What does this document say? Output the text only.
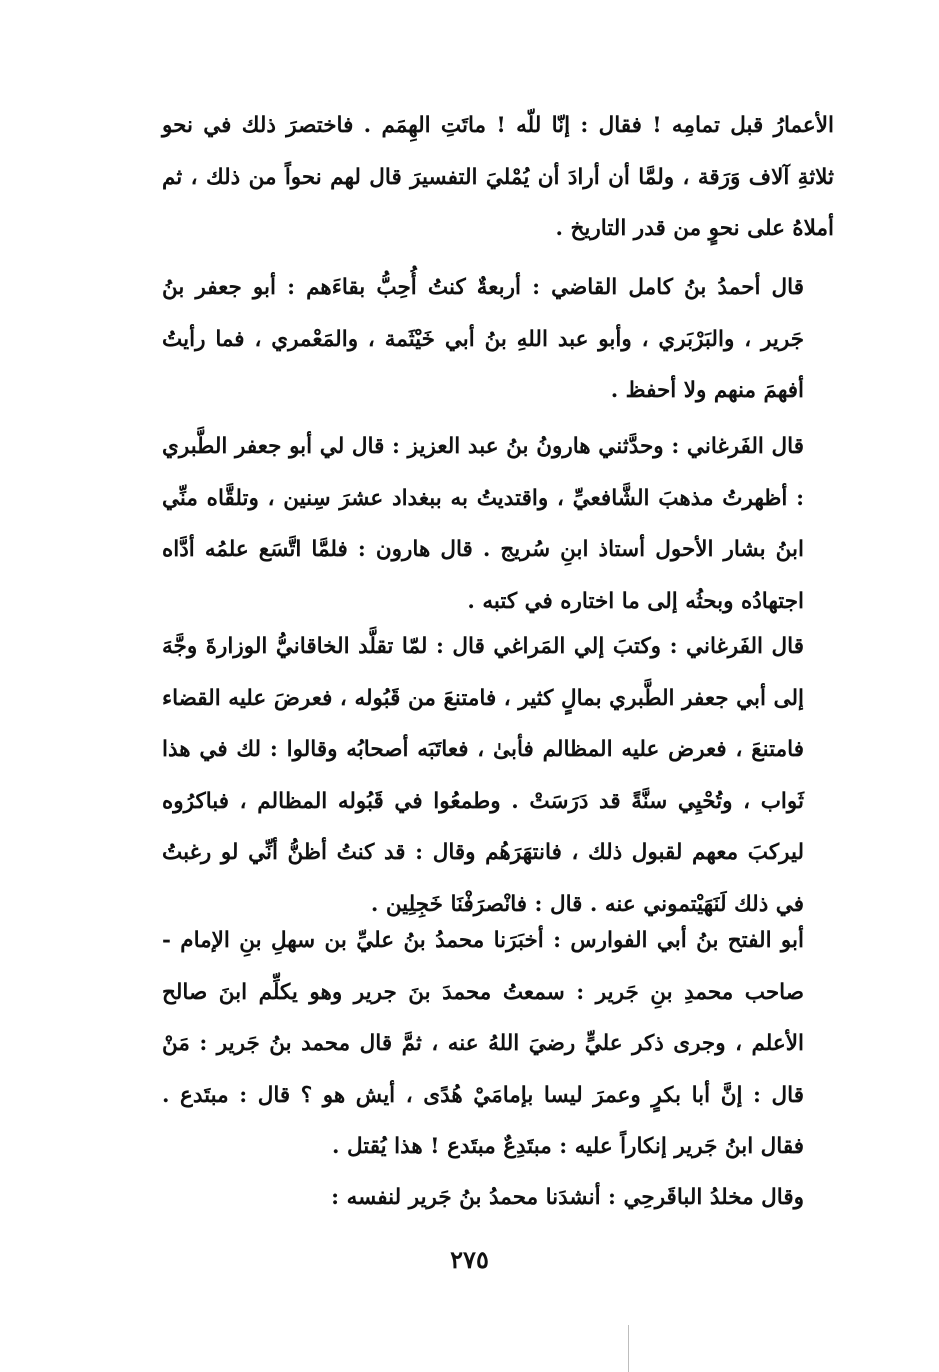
الأعمارُ قبل تمامِه ! فقال : إنّا للّه ! ماتَتِ الهِمَم . فاختصرَ ذلك في نحو ثلاثةِ آلاف وَرَقة ، ولمَّا أن أرادَ أن يُمْليَ التفسيرَ قال لهم نحواً من ذلك ، ثم أملاهُ على نحوٍ من قدر التاريخ .

قال أحمدُ بنُ كامل القاضي : أربعةٌ كنتُ أُحِبُّ بقاءَهم : أبو جعفر بنُ جَرير ، والبَرْبَري ، وأبو عبد اللهِ بنُ أبي خَيْثَمة ، والمَعْمري ، فما رأيتُ أفهمَ منهم ولا أحفظ .

قال الفَرغاني : وحدَّثني هارونُ بنُ عبد العزيز : قال لي أبو جعفر الطَّبري : أظهرتُ مذهبَ الشَّافعيِّ ، واقتديتُ به ببغداد عشرَ سِنين ، وتلقَّاه منِّي ابنُ بشار الأحول أستاذ ابنِ سُريج . قال هارون : فلمَّا اتَّسَع علمُه أدَّاه اجتهادُه وبحثُه إلى ما اختاره في كتبه .

قال الفَرغاني : وكتبَ إلي المَراغي قال : لمّا تقلَّد الخاقانيُّ الوزارةَ وجَّهَ إلى أبي جعفر الطَّبري بمالٍ كثير ، فامتنعَ من قَبُوله ، فعرضَ عليه القضاء فامتنعَ ، فعرض عليه المظالم فأبىٰ ، فعاتَبَه أصحابُه وقالوا : لك في هذا ثَواب ، وتُحْيِي سنَّةً قد دَرَسَتْ . وطمعُوا في قَبُوله المظالم ، فباكرُوه ليركبَ معهم لقبول ذلك ، فانتهَرَهُم وقال : قد كنتُ أظنُّ أنِّي لو رغبتُ في ذلك لَنَهَيْتموني عنه . قال : فانْصرَفْنَا خَجِلِين .

أبو الفتح بنُ أبي الفوارس : أخبَرَنا محمدُ بنُ عليِّ بن سهلِ بنِ الإمام - صاحب محمدِ بنِ جَرير : سمعتُ محمدَ بنَ جرير وهو يكلِّم ابنَ صالح الأعلم ، وجرى ذكر عليٍّ رضيَ اللهُ عنه ، ثمَّ قال محمد بنُ جَرير : مَنْ قال : إنَّ أبا بكرٍ وعمرَ ليسا بإمامَيْ هُدًى ، أيش هو ؟ قال : مبتَدع . فقال ابنُ جَرير إنكاراً عليه : مبتَدِعٌ مبتَدع ! هذا يُقتل .

وقال مخلدُ الباقَرحِي : أنشدَنا محمدُ بنُ جَرير لنفسه :

٢٧٥
